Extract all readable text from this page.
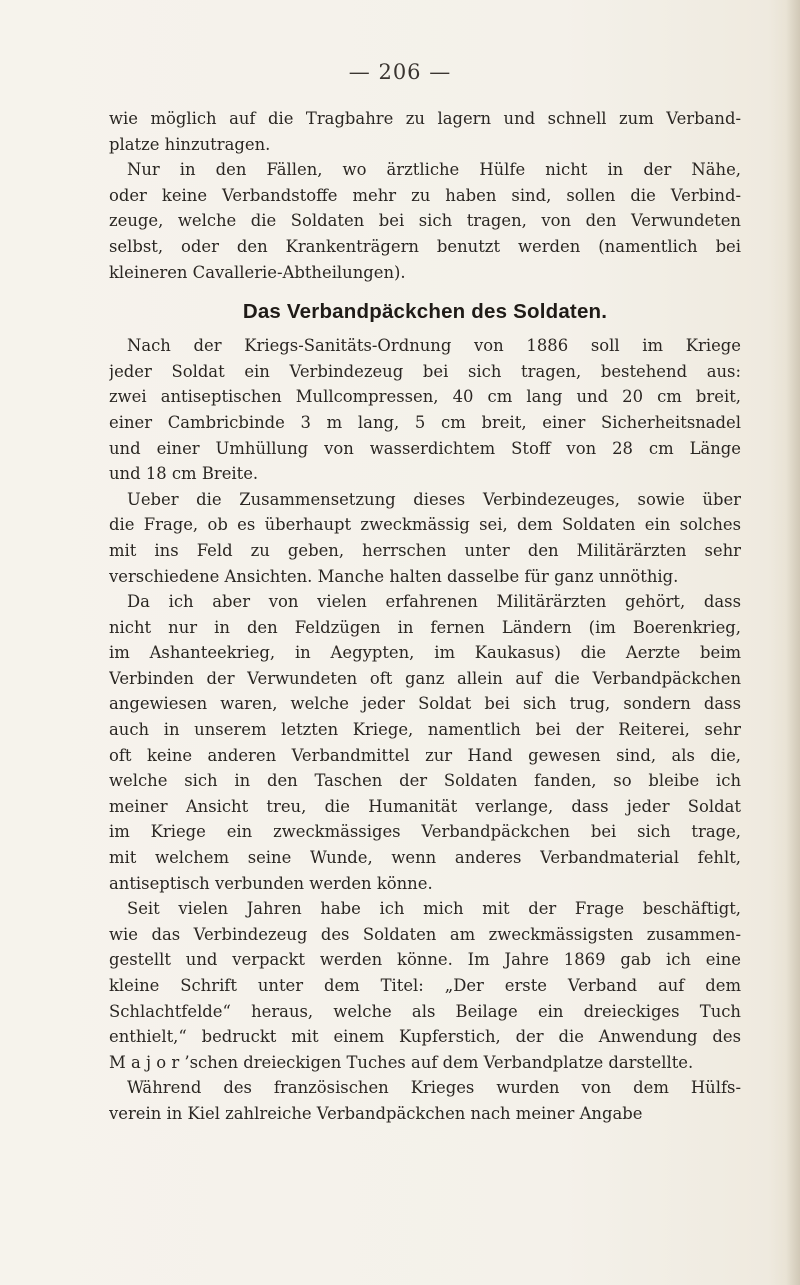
— 206 —
wie möglich auf die Tragbahre zu lagern und schnell zum Verband-
platze hinzutragen.
Nur in den Fällen, wo ärztliche Hülfe nicht in der Nähe,
oder keine Verbandstoffe mehr zu haben sind, sollen die Verbind-
zeuge, welche die Soldaten bei sich tragen, von den Verwundeten
selbst, oder den Krankenträgern benutzt werden (namentlich bei
kleineren Cavallerie-Abtheilungen).
Das Verbandpäckchen des Soldaten.
Nach der Kriegs-Sanitäts-Ordnung von 1886 soll im Kriege
jeder Soldat ein Verbindezeug bei sich tragen, bestehend aus:
zwei antiseptischen Mullcompressen, 40 cm lang und 20 cm breit,
einer Cambricbinde 3 m lang, 5 cm breit, einer Sicherheitsnadel
und einer Umhüllung von wasserdichtem Stoff von 28 cm Länge
und 18 cm Breite.
Ueber die Zusammensetzung dieses Verbindezeuges, sowie über
die Frage, ob es überhaupt zweckmässig sei, dem Soldaten ein solches
mit ins Feld zu geben, herrschen unter den Militärärzten sehr
verschiedene Ansichten. Manche halten dasselbe für ganz unnöthig.
Da ich aber von vielen erfahrenen Militärärzten gehört, dass
nicht nur in den Feldzügen in fernen Ländern (im Boerenkrieg,
im Ashanteekrieg, in Aegypten, im Kaukasus) die Aerzte beim
Verbinden der Verwundeten oft ganz allein auf die Verbandpäckchen
angewiesen waren, welche jeder Soldat bei sich trug, sondern dass
auch in unserem letzten Kriege, namentlich bei der Reiterei, sehr
oft keine anderen Verbandmittel zur Hand gewesen sind, als die,
welche sich in den Taschen der Soldaten fanden, so bleibe ich
meiner Ansicht treu, die Humanität verlange, dass jeder Soldat
im Kriege ein zweckmässiges Verbandpäckchen bei sich trage,
mit welchem seine Wunde, wenn anderes Verbandmaterial fehlt,
antiseptisch verbunden werden könne.
Seit vielen Jahren habe ich mich mit der Frage beschäftigt,
wie das Verbindezeug des Soldaten am zweckmässigsten zusammen-
gestellt und verpackt werden könne. Im Jahre 1869 gab ich eine
kleine Schrift unter dem Titel: „Der erste Verband auf dem
Schlachtfelde“ heraus, welche als Beilage ein dreieckiges Tuch
enthielt,“ bedruckt mit einem Kupferstich, der die Anwendung des
M a j o r ’schen dreieckigen Tuches auf dem Verbandplatze darstellte.
Während des französischen Krieges wurden von dem Hülfs-
verein in Kiel zahlreiche Verbandpäckchen nach meiner Angabe
